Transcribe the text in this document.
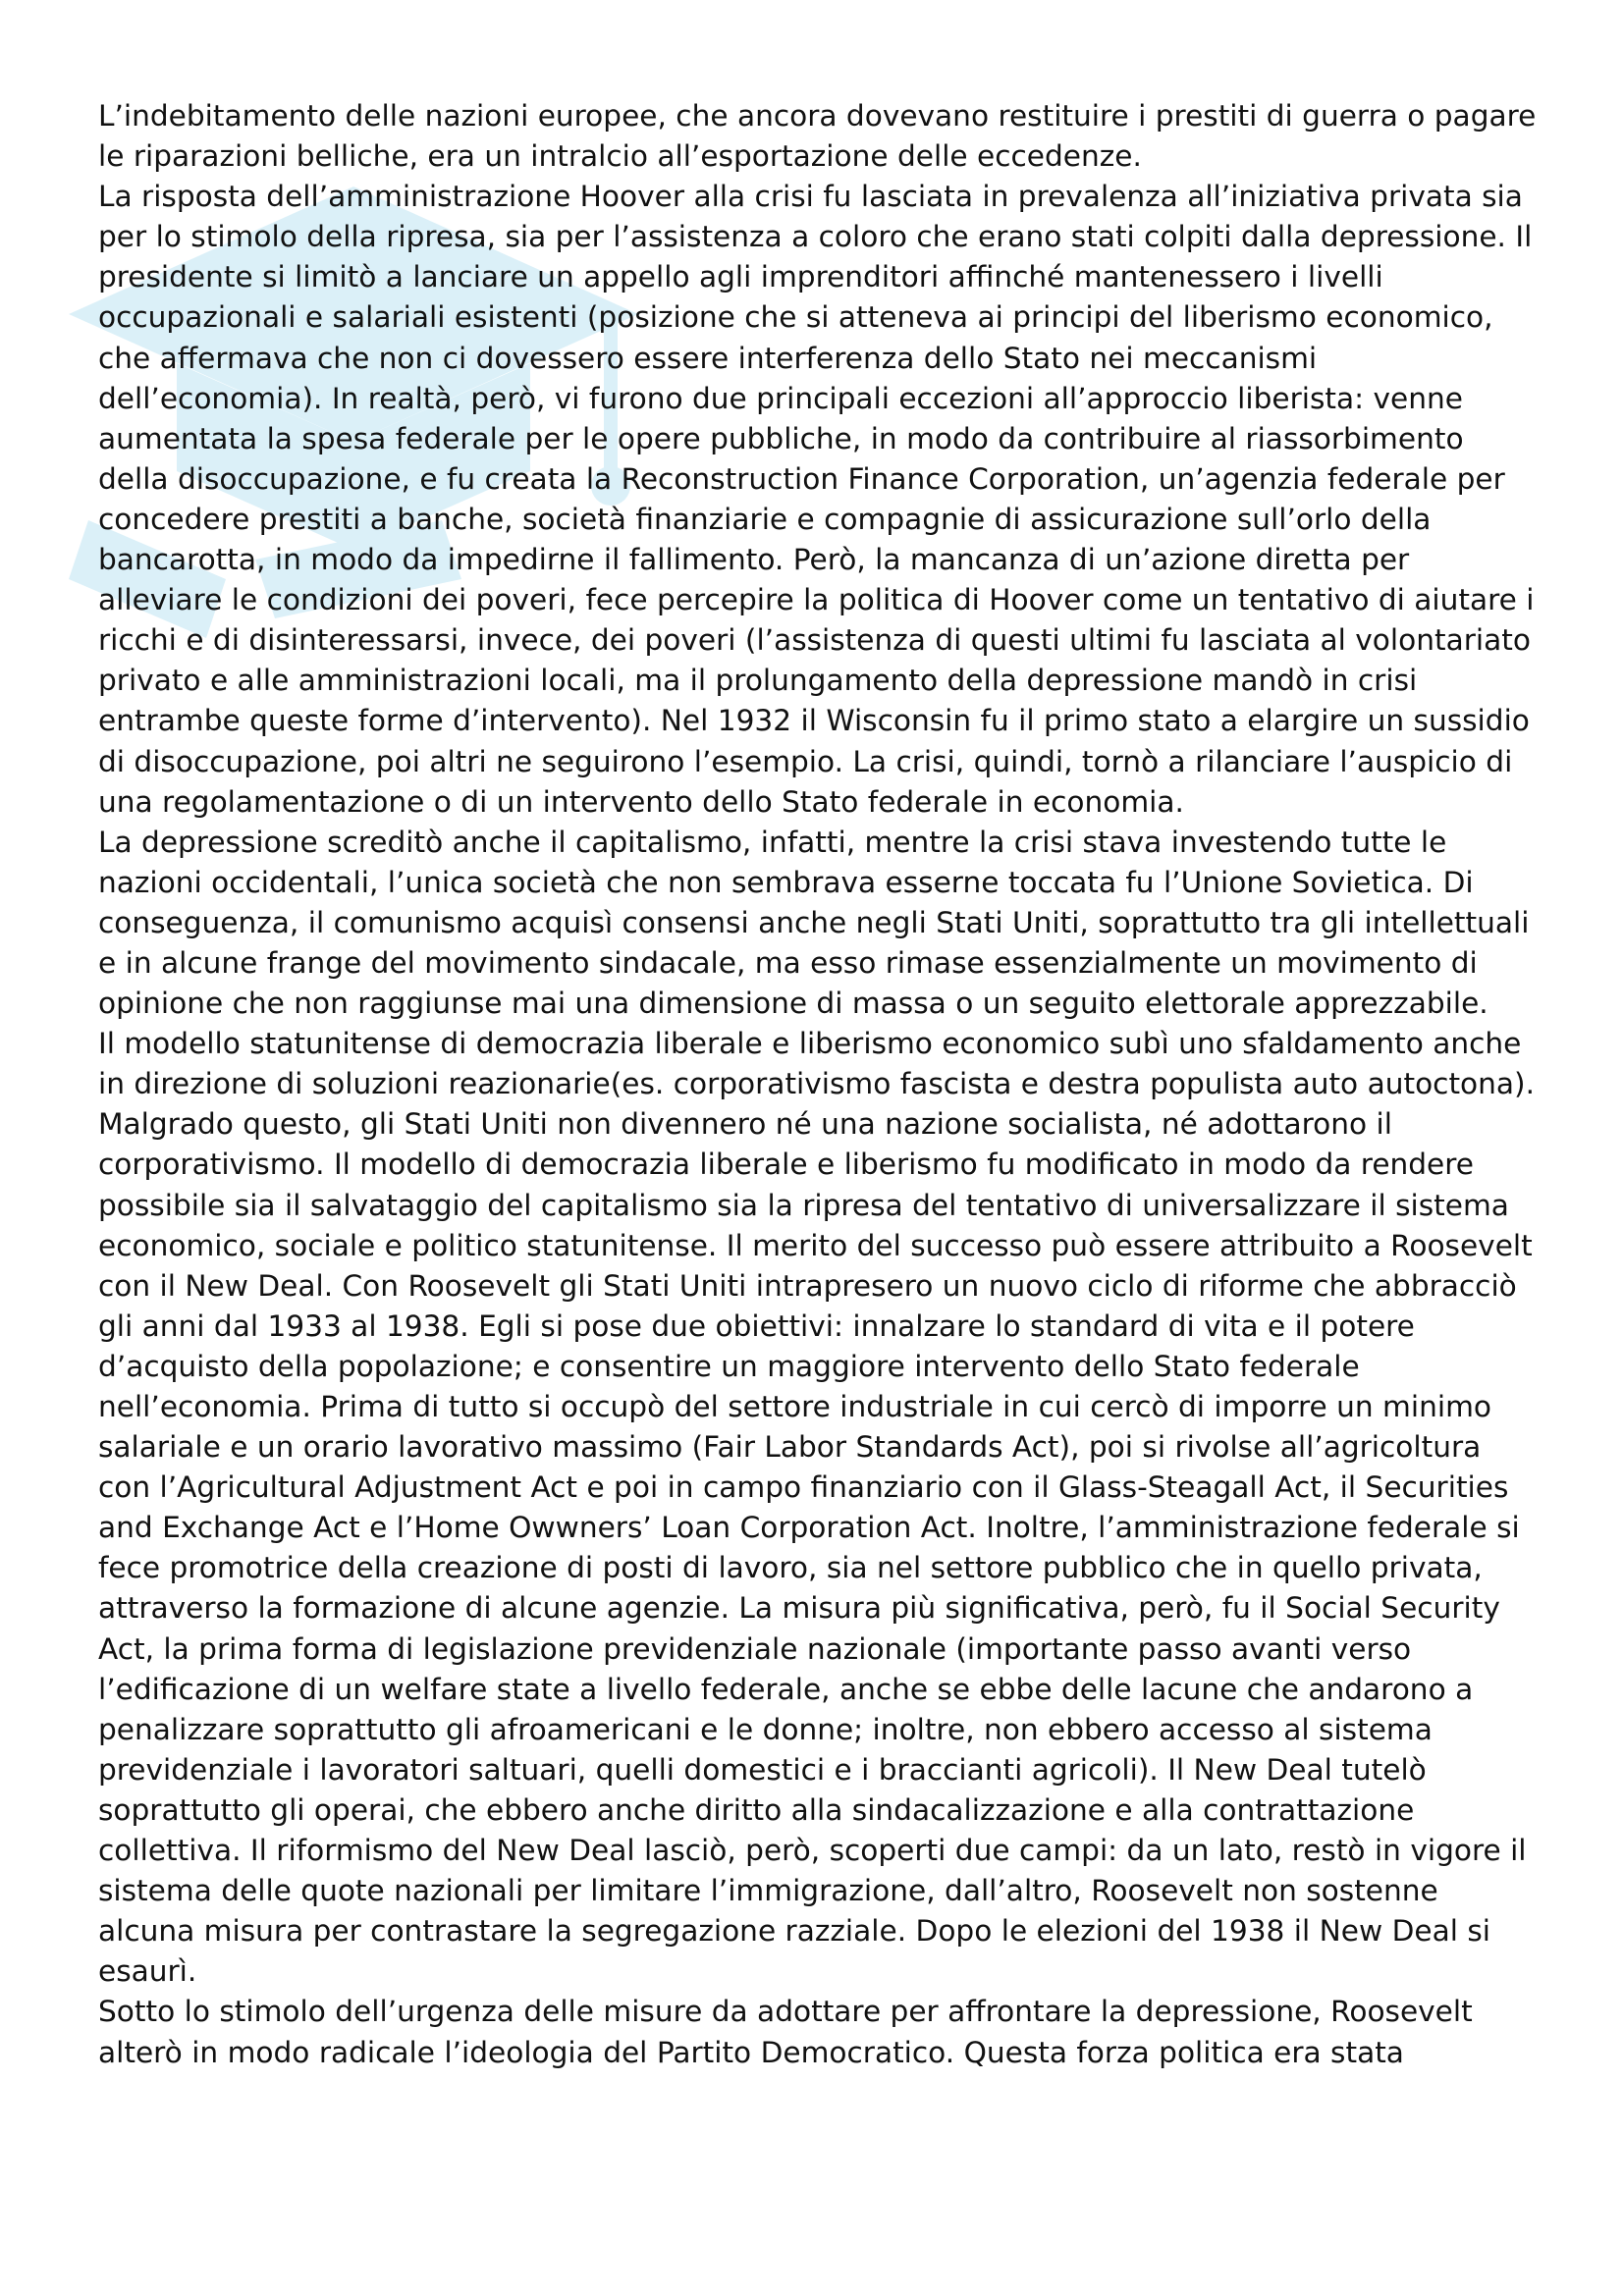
L’indebitamento delle nazioni europee, che ancora dovevano restituire i prestiti di guerra o pagare le riparazioni belliche, era un intralcio all’esportazione delle eccedenze.

La risposta dell’amministrazione Hoover alla crisi fu lasciata in prevalenza all’iniziativa privata sia per lo stimolo della ripresa, sia per l’assistenza a coloro che erano stati colpiti dalla depressione. Il presidente si limitò a lanciare un appello agli imprenditori affinché mantenessero i livelli occupazionali e salariali esistenti (posizione che si atteneva ai principi del liberismo economico, che affermava che non ci dovessero essere interferenza dello Stato nei meccanismi dell’economia). In realtà, però, vi furono due principali eccezioni all’approccio liberista: venne aumentata la spesa federale per le opere pubbliche, in modo da contribuire al riassorbimento della disoccupazione, e fu creata la Reconstruction Finance Corporation, un’agenzia federale per concedere prestiti a banche, società finanziarie e compagnie di assicurazione sull’orlo della bancarotta, in modo da impedirne il fallimento. Però, la mancanza di un’azione diretta per alleviare le condizioni dei poveri, fece percepire la politica di Hoover come un tentativo di aiutare i ricchi e di disinteressarsi, invece, dei poveri (l’assistenza di questi ultimi fu lasciata al volontariato privato e alle amministrazioni locali, ma il prolungamento della depressione mandò in crisi entrambe queste forme d’intervento). Nel 1932 il Wisconsin fu il primo stato a elargire un sussidio di disoccupazione, poi altri ne seguirono l’esempio. La crisi, quindi, tornò a rilanciare l’auspicio di una regolamentazione o di un intervento dello Stato federale in economia.

La depressione screditò anche il capitalismo, infatti, mentre la crisi stava investendo tutte le nazioni occidentali, l’unica società che non sembrava esserne toccata fu l’Unione Sovietica. Di conseguenza, il comunismo acquisì consensi anche negli Stati Uniti, soprattutto tra gli intellettuali e in alcune frange del movimento sindacale, ma esso rimase essenzialmente un movimento di opinione che non raggiunse mai una dimensione di massa o un seguito elettorale apprezzabile.

Il modello statunitense di democrazia liberale e liberismo economico subì uno sfaldamento anche in direzione di soluzioni reazionarie(es. corporativismo fascista e destra populista auto autoctona).

Malgrado questo, gli Stati Uniti non divennero né una nazione socialista, né adottarono il corporativismo. Il modello di democrazia liberale e liberismo fu modificato in modo da rendere possibile sia il salvataggio del capitalismo sia la ripresa del tentativo di universalizzare il sistema economico, sociale e politico statunitense. Il merito del successo può essere attribuito a Roosevelt con il New Deal. Con Roosevelt gli Stati Uniti intrapresero un nuovo ciclo di riforme che abbracciò gli anni dal 1933 al 1938. Egli si pose due obiettivi: innalzare lo standard di vita e il potere d’acquisto della popolazione; e consentire un maggiore intervento dello Stato federale nell’economia. Prima di tutto si occupò del settore industriale in cui cercò di imporre un minimo salariale e un orario lavorativo massimo (Fair Labor Standards Act), poi si rivolse all’agricoltura con l’Agricultural Adjustment Act e poi in campo finanziario con il Glass-Steagall Act, il Securities and Exchange Act e l’Home Owwners’ Loan Corporation Act. Inoltre, l’amministrazione federale si fece promotrice della creazione di posti di lavoro, sia nel settore pubblico che in quello privata, attraverso la formazione di alcune agenzie. La misura più significativa, però, fu il Social Security Act, la prima forma di legislazione previdenziale nazionale (importante passo avanti verso l’edificazione di un welfare state a livello federale, anche se ebbe delle lacune che andarono a penalizzare soprattutto gli afroamericani e le donne; inoltre, non ebbero accesso al sistema previdenziale i lavoratori saltuari, quelli domestici e i braccianti agricoli). Il New Deal tutelò soprattutto gli operai, che ebbero anche diritto alla sindacalizzazione e alla contrattazione collettiva. Il riformismo del New Deal lasciò, però, scoperti due campi: da un lato, restò in vigore il sistema delle quote nazionali per limitare l’immigrazione, dall’altro, Roosevelt non sostenne alcuna misura per contrastare la segregazione razziale. Dopo le elezioni del 1938 il New Deal si esaurì.

Sotto lo stimolo dell’urgenza delle misure da adottare per affrontare la depressione, Roosevelt alterò in modo radicale l’ideologia del Partito Democratico. Questa forza politica era stata
